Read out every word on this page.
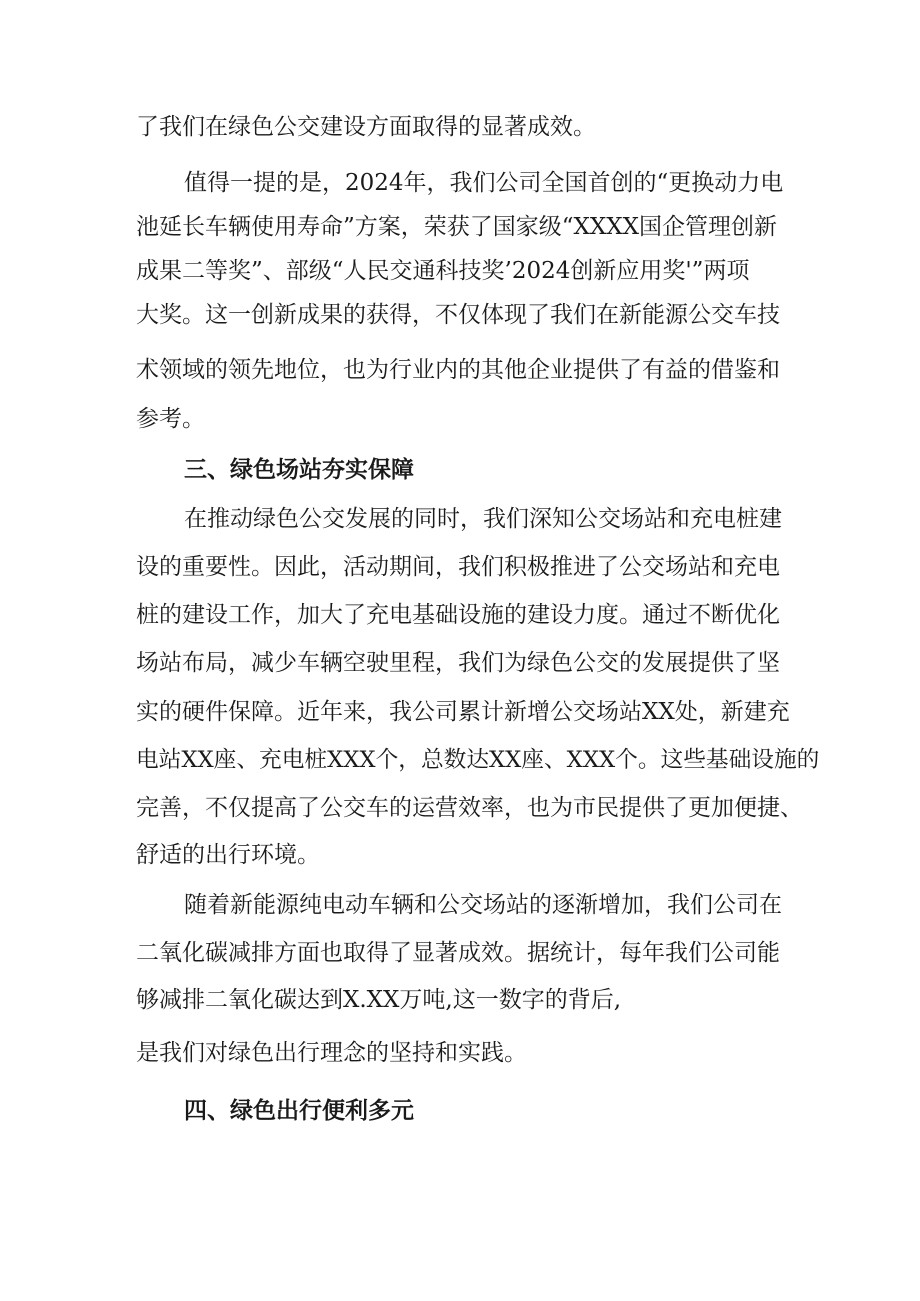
了我们在绿色公交建设方面取得的显著成效。

值得一提的是，2024年，我们公司全国首创的“更换动力电

池延长车辆使用寿命”方案，荣获了国家级“XXXX国企管理创新

成果二等奖”、部级“人民交通科技奖’2024创新应用奖'”两项

大奖。这一创新成果的获得，不仅体现了我们在新能源公交车技

术领域的领先地位，也为行业内的其他企业提供了有益的借鉴和

参考。

三、绿色场站夯实保障

在推动绿色公交发展的同时，我们深知公交场站和充电桩建

设的重要性。因此，活动期间，我们积极推进了公交场站和充电

桩的建设工作，加大了充电基础设施的建设力度。通过不断优化

场站布局，减少车辆空驶里程，我们为绿色公交的发展提供了坚

实的硬件保障。近年来，我公司累计新增公交场站XX处，新建充

电站XX座、充电桩XXX个，总数达XX座、XXX个。这些基础设施的

完善，不仅提高了公交车的运营效率，也为市民提供了更加便捷、

舒适的出行环境。

随着新能源纯电动车辆和公交场站的逐渐增加，我们公司在

二氧化碳减排方面也取得了显著成效。据统计，每年我们公司能

够减排二氧化碳达到X.XX万吨,这一数字的背后,

是我们对绿色出行理念的坚持和实践。

四、绿色出行便利多元
